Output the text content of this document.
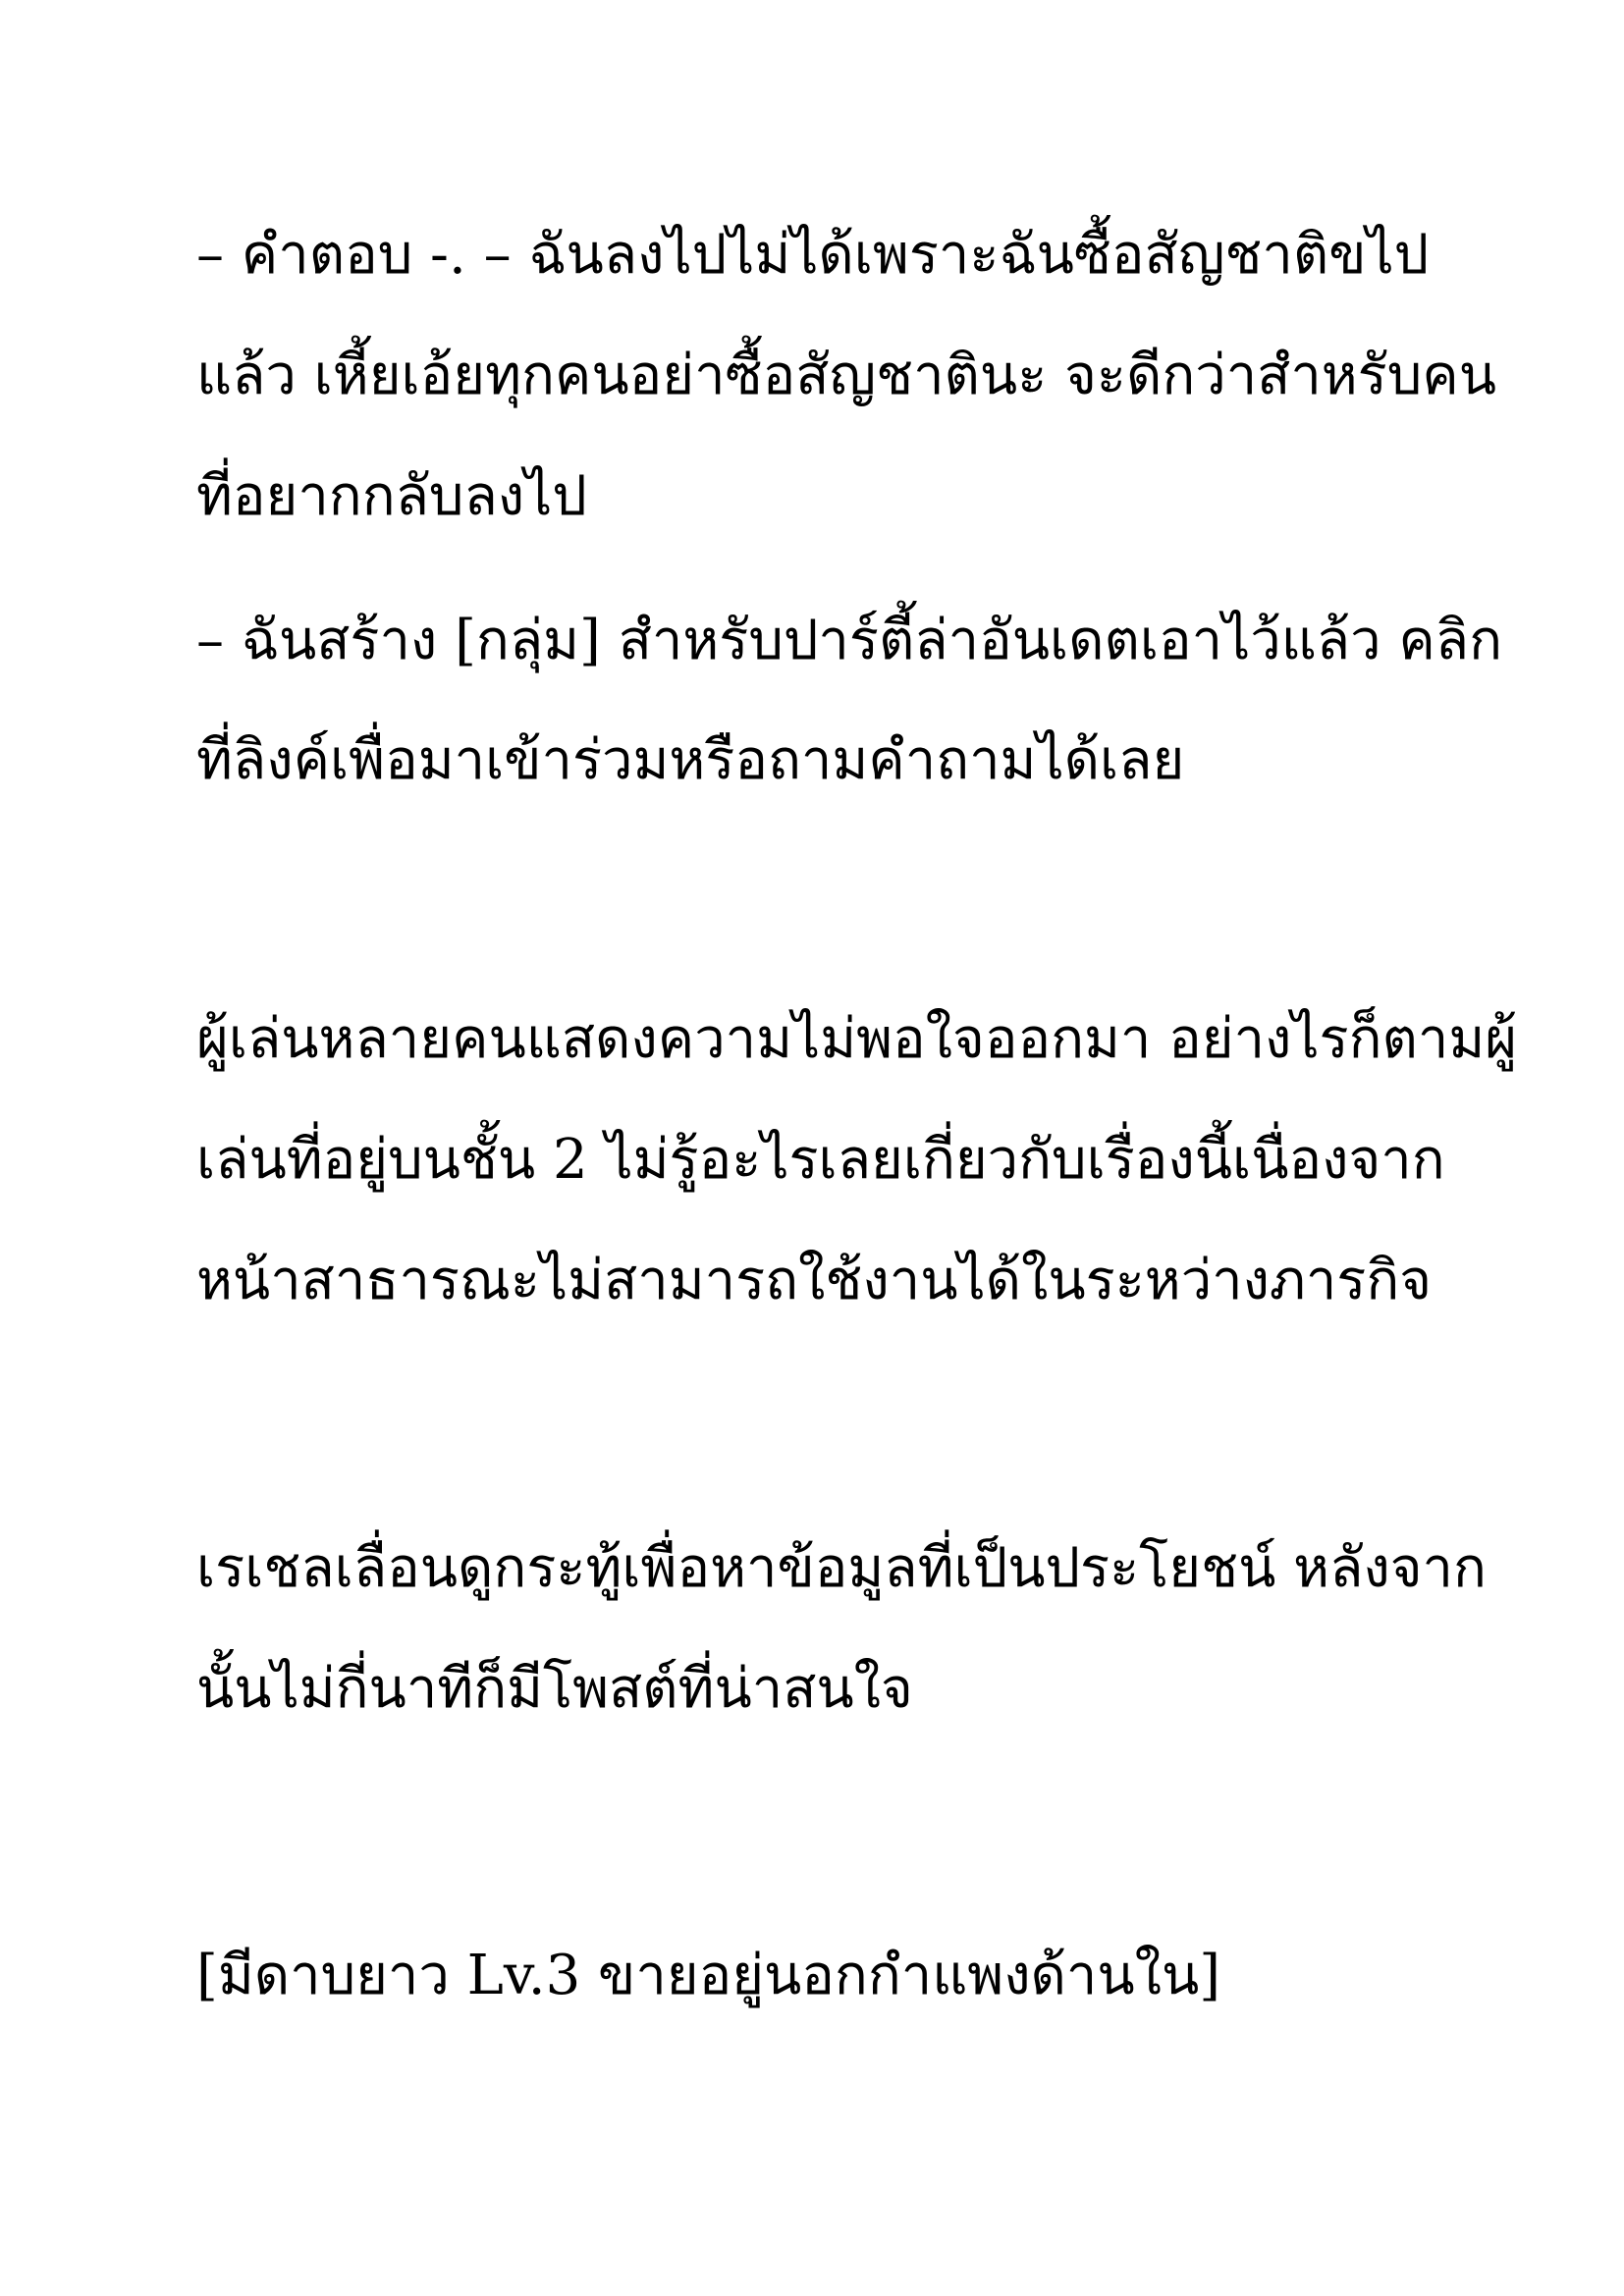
– คำตอบ -. – ฉันลงไปไม่ได้เพราะฉันซื้อสัญชาติขไป
แล้ว เหี้ยเอ้ยทุกคนอย่าซื้อสัญชาตินะ จะดีกว่าสำหรับคน
ที่อยากกลับลงไป
– ฉันสร้าง [กลุ่ม] สำหรับปาร์ตี้ล่าอันเดตเอาไว้แล้ว คลิก
ที่ลิงค์เพื่อมาเข้าร่วมหรือถามคำถามได้เลย
ผู้เล่นหลายคนแสดงความไม่พอใจออกมา อย่างไรก็ตามผู้
เล่นที่อยู่บนชั้น 2 ไม่รู้อะไรเลยเกี่ยวกับเรื่องนี้เนื่องจาก
หน้าสาธารณะไม่สามารถใช้งานได้ในระหว่างภารกิจ
เรเชลเลื่อนดูกระทู้เพื่อหาข้อมูลที่เป็นประโยชน์ หลังจาก
นั้นไม่กี่นาทีก็มีโพสต์ที่น่าสนใจ
[มีดาบยาว Lv.3 ขายอยู่นอกกำแพงด้านใน]
